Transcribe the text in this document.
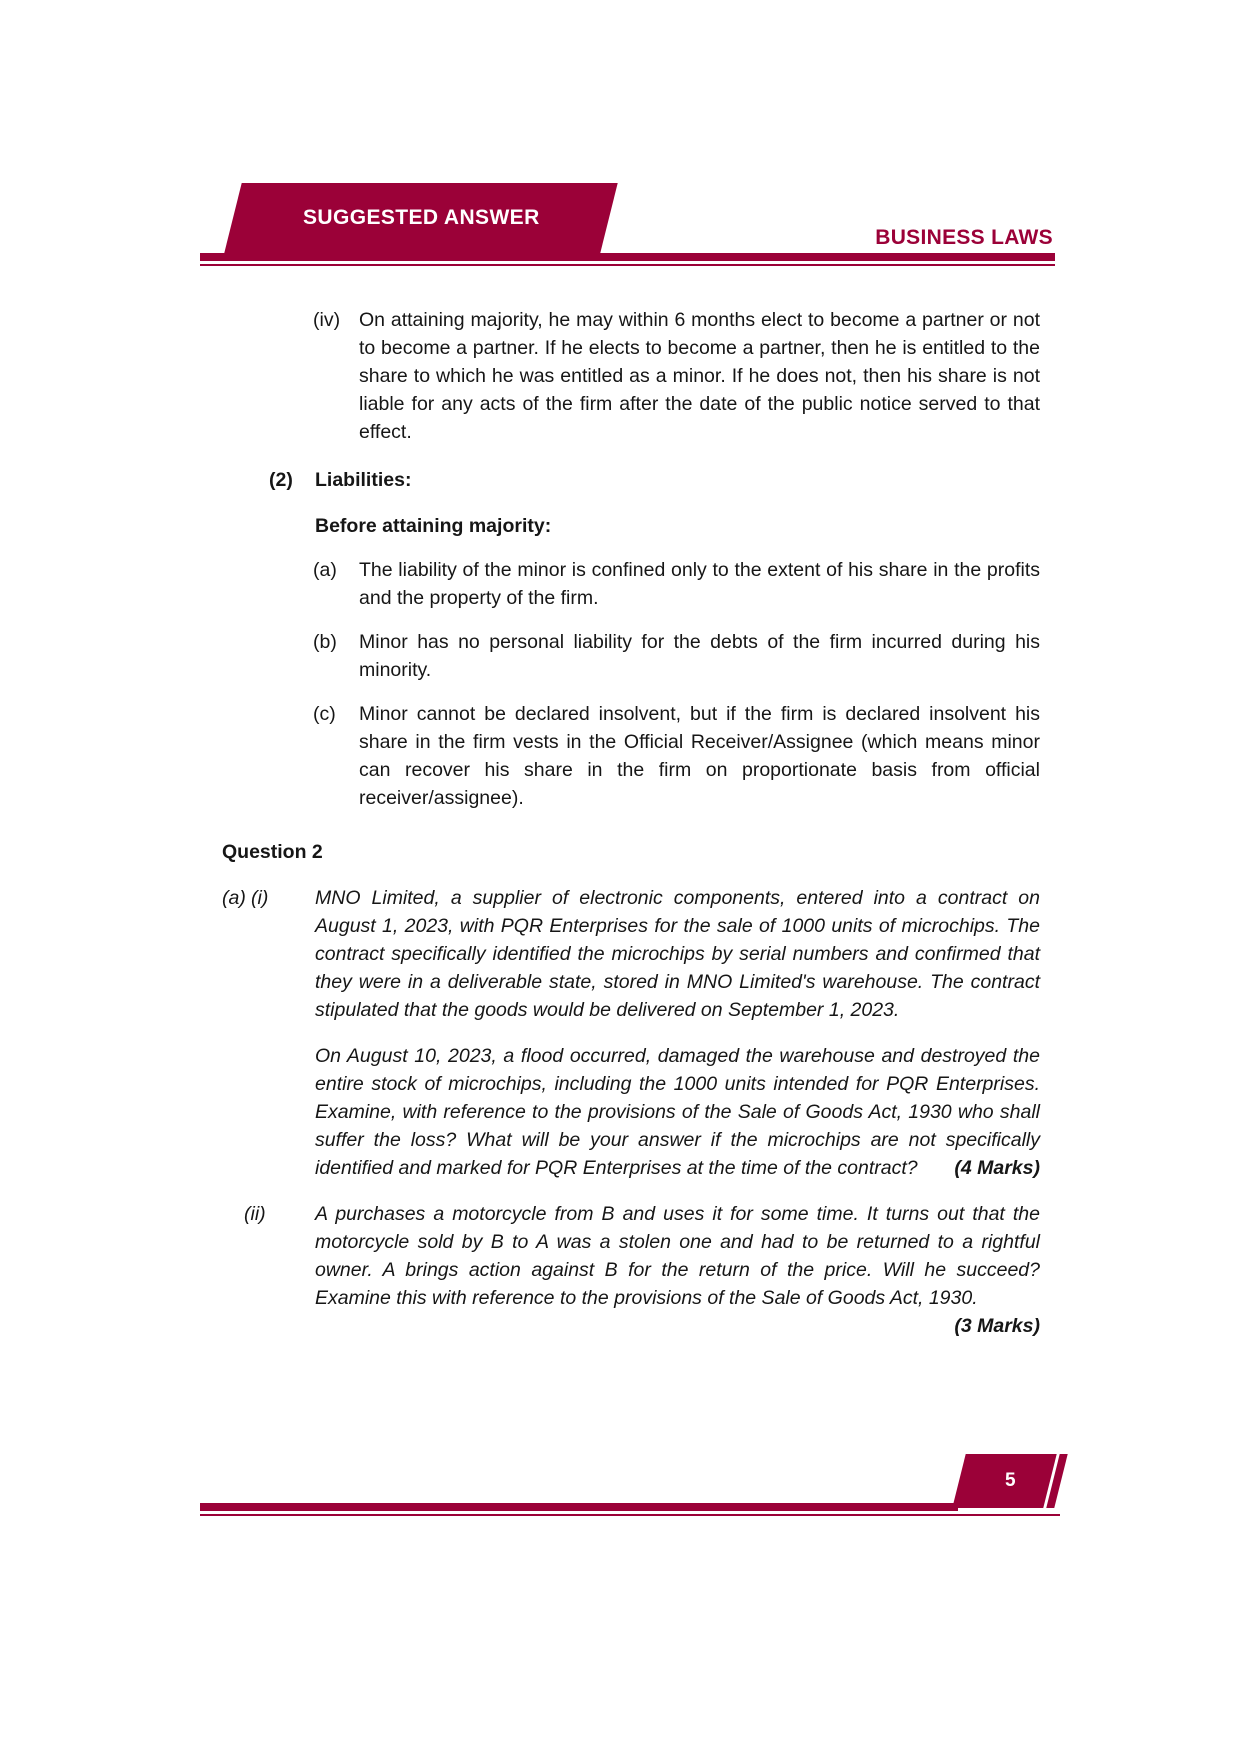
SUGGESTED ANSWER
BUSINESS LAWS
(iv) On attaining majority, he may within 6 months elect to become a partner or not to become a partner. If he elects to become a partner, then he is entitled to the share to which he was entitled as a minor. If he does not, then his share is not liable for any acts of the firm after the date of the public notice served to that effect.

(2) Liabilities:
Before attaining majority:
(a) The liability of the minor is confined only to the extent of his share in the profits and the property of the firm.

(b) Minor has no personal liability for the debts of the firm incurred during his minority.

(c) Minor cannot be declared insolvent, but if the firm is declared insolvent his share in the firm vests in the Official Receiver/Assignee (which means minor can recover his share in the firm on proportionate basis from official receiver/assignee).

Question 2
(a) (i) MNO Limited, a supplier of electronic components, entered into a contract on August 1, 2023, with PQR Enterprises for the sale of 1000 units of microchips. The contract specifically identified the microchips by serial numbers and confirmed that they were in a deliverable state, stored in MNO Limited's warehouse. The contract stipulated that the goods would be delivered on September 1, 2023.

On August 10, 2023, a flood occurred, damaged the warehouse and destroyed the entire stock of microchips, including the 1000 units intended for PQR Enterprises. Examine, with reference to the provisions of the Sale of Goods Act, 1930 who shall suffer the loss? What will be your answer if the microchips are not specifically identified and marked for PQR Enterprises at the time of the contract? (4 Marks)

(ii)	A purchases a motorcycle from B and uses it for some time. It turns out that the motorcycle sold by B to A was a stolen one and had to be returned to a rightful owner. A brings action against B for the return of the price. Will he succeed? Examine this with reference to the provisions of the Sale of Goods Act, 1930.
(3 Marks)

5
